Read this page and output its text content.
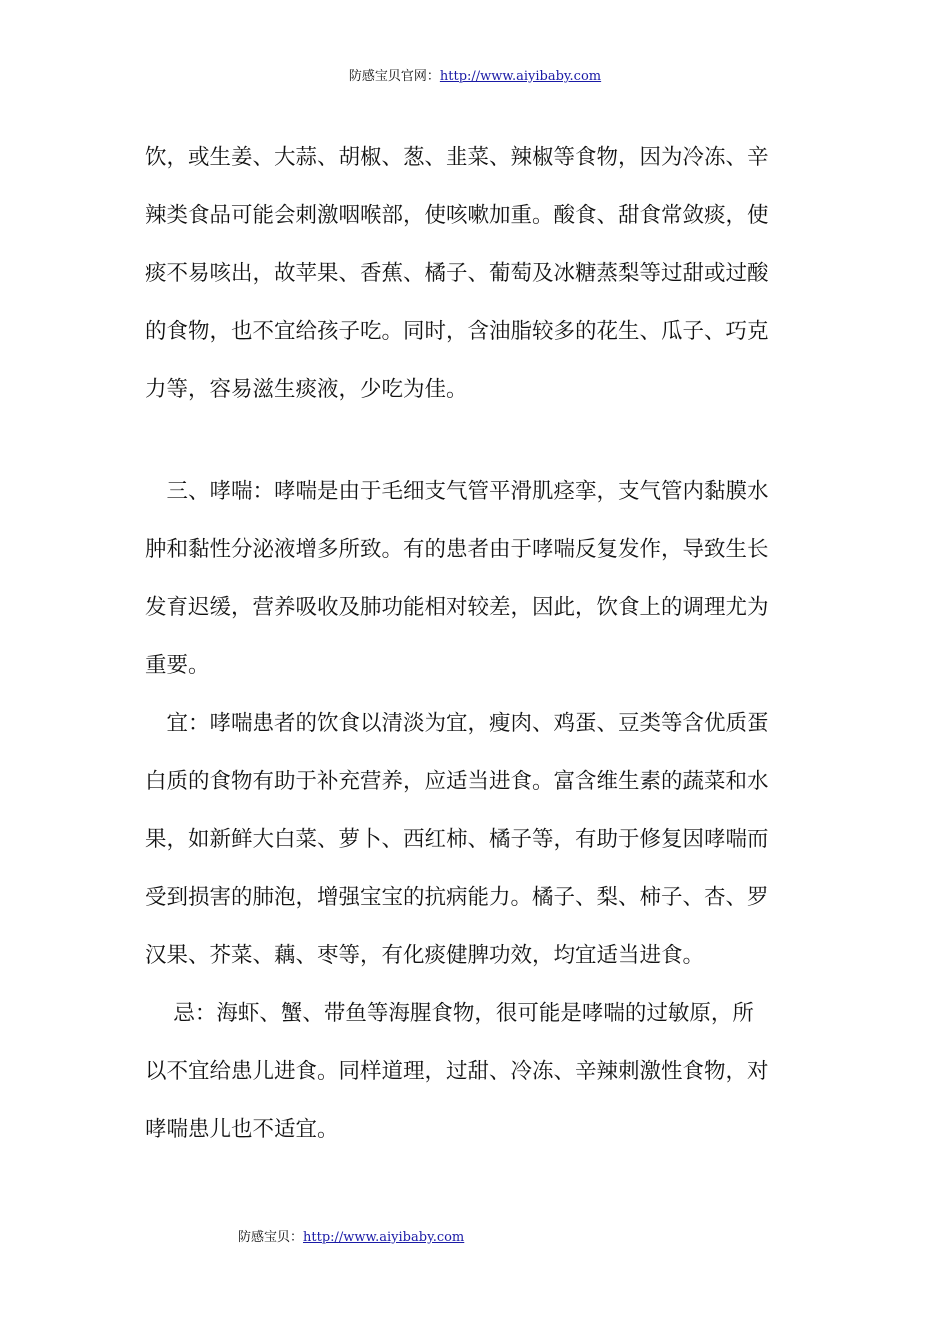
防感宝贝官网：http://www.aiyibaby.com
饮，或生姜、大蒜、胡椒、葱、韭菜、辣椒等食物，因为冷冻、辛
辣类食品可能会刺激咽喉部，使咳嗽加重。酸食、甜食常敛痰，使
痰不易咳出，故苹果、香蕉、橘子、葡萄及冰糖蒸梨等过甜或过酸
的食物，也不宜给孩子吃。同时，含油脂较多的花生、瓜子、巧克
力等，容易滋生痰液，少吃为佳。
　三、哮喘：哮喘是由于毛细支气管平滑肌痉挛，支气管内黏膜水
肿和黏性分泌液增多所致。有的患者由于哮喘反复发作，导致生长
发育迟缓，营养吸收及肺功能相对较差，因此，饮食上的调理尤为
重要。
　宜：哮喘患者的饮食以清淡为宜，瘦肉、鸡蛋、豆类等含优质蛋
白质的食物有助于补充营养，应适当进食。富含维生素的蔬菜和水
果，如新鲜大白菜、萝卜、西红柿、橘子等，有助于修复因哮喘而
受到损害的肺泡，增强宝宝的抗病能力。橘子、梨、柿子、杏、罗
汉果、芥菜、藕、枣等，有化痰健脾功效，均宜适当进食。
　 忌：海虾、蟹、带鱼等海腥食物，很可能是哮喘的过敏原，所
以不宜给患儿进食。同样道理，过甜、冷冻、辛辣刺激性食物，对
哮喘患儿也不适宜。
防感宝贝：http://www.aiyibaby.com
